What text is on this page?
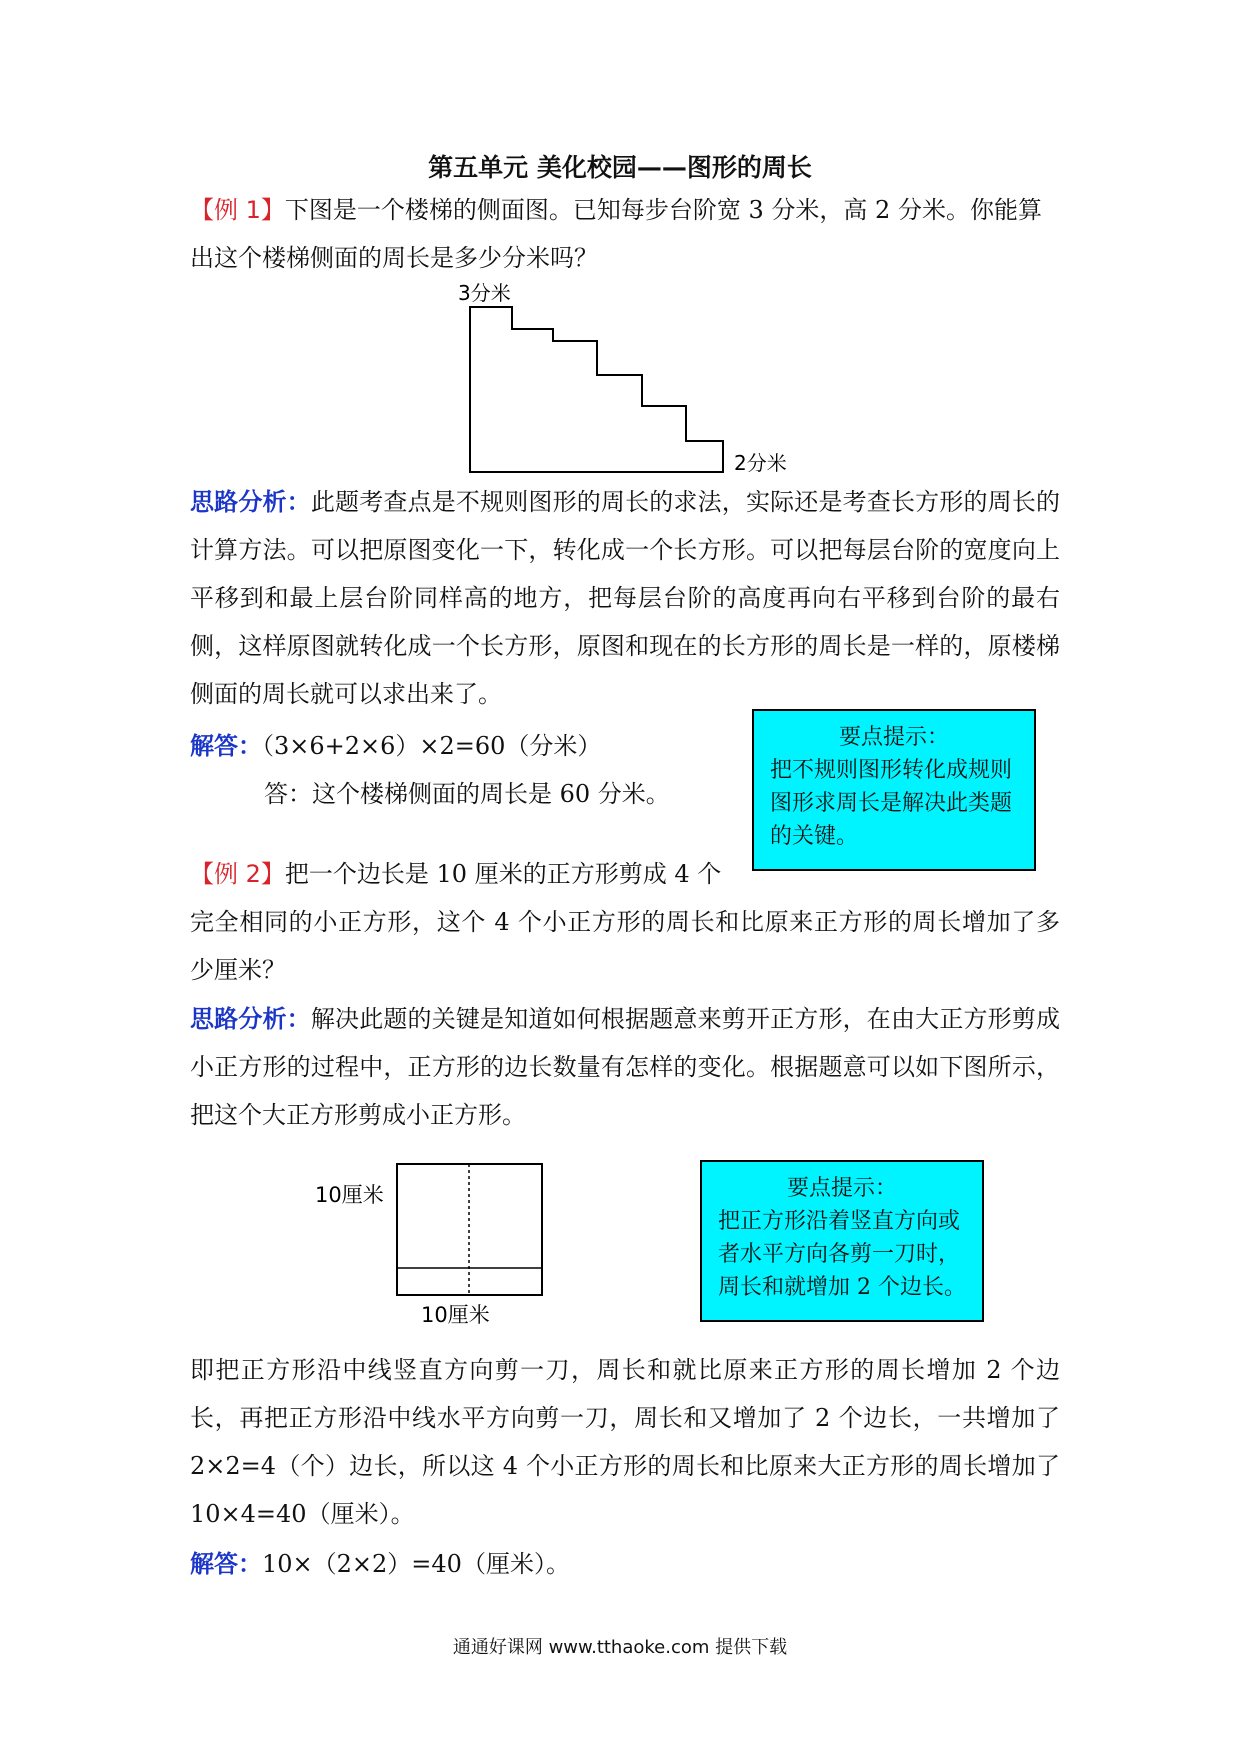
第五单元 美化校园——图形的周长

【例 1】下图是一个楼梯的侧面图。已知每步台阶宽 3 分米，高 2 分米。你能算

出这个楼梯侧面的周长是多少分米吗？

3分米
2分米

思路分析：此题考查点是不规则图形的周长的求法，实际还是考查长方形的周长的计算方法。可以把原图变化一下，转化成一个长方形。可以把每层台阶的宽度向上平移到和最上层台阶同样高的地方，把每层台阶的高度再向右平移到台阶的最右侧，这样原图就转化成一个长方形，原图和现在的长方形的周长是一样的，原楼梯侧面的周长就可以求出来了。

解答：（3×6+2×6）×2=60（分米）

答：这个楼梯侧面的周长是 60 分米。

要点提示：
把不规则图形转化成规则
图形求周长是解决此类题
的关键。

【例 2】把一个边长是 10 厘米的正方形剪成 4 个

完全相同的小正方形，这个 4 个小正方形的周长和比原来正方形的周长增加了多少厘米？

思路分析：解决此题的关键是知道如何根据题意来剪开正方形，在由大正方形剪成小正方形的过程中，正方形的边长数量有怎样的变化。根据题意可以如下图所示，把这个大正方形剪成小正方形。

10厘米
10厘米
要点提示：
把正方形沿着竖直方向或
者水平方向各剪一刀时，
周长和就增加 2 个边长。

即把正方形沿中线竖直方向剪一刀，周长和就比原来正方形的周长增加 2 个边长，再把正方形沿中线水平方向剪一刀，周长和又增加了 2 个边长，一共增加了2×2=4（个）边长，所以这 4 个小正方形的周长和比原来大正方形的周长增加了10×4=40（厘米）。

解答：10×（2×2）=40（厘米）。

通通好课网 www.tthaoke.com 提供下载
